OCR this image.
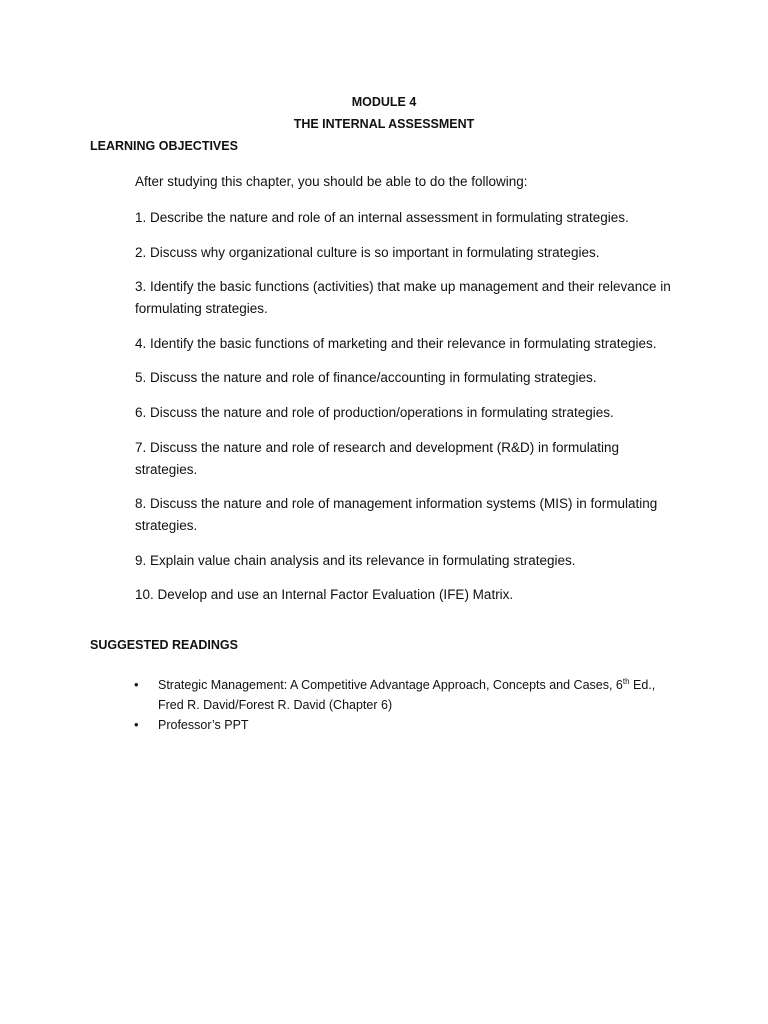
MODULE 4
THE INTERNAL ASSESSMENT
LEARNING OBJECTIVES
After studying this chapter, you should be able to do the following:
1. Describe the nature and role of an internal assessment in formulating strategies.
2. Discuss why organizational culture is so important in formulating strategies.
3. Identify the basic functions (activities) that make up management and their relevance in formulating strategies.
4. Identify the basic functions of marketing and their relevance in formulating strategies.
5. Discuss the nature and role of finance/accounting in formulating strategies.
6. Discuss the nature and role of production/operations in formulating strategies.
7. Discuss the nature and role of research and development (R&D) in formulating strategies.
8. Discuss the nature and role of management information systems (MIS) in formulating strategies.
9. Explain value chain analysis and its relevance in formulating strategies.
10. Develop and use an Internal Factor Evaluation (IFE) Matrix.
SUGGESTED READINGS
• Strategic Management: A Competitive Advantage Approach, Concepts and Cases, 6th Ed.,
Fred R. David/Forest R. David (Chapter 6)
• Professor’s PPT
